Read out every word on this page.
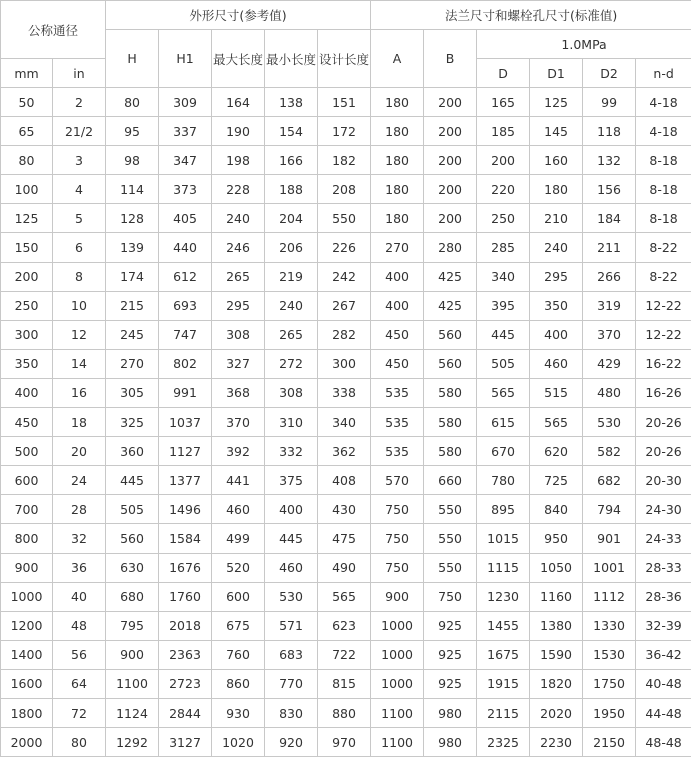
公称通径		外形尺寸(参考值)					法兰尺寸和螺栓孔尺寸(标准值)					
		H	H1	最大长度	最小长度	设计长度	A	B	1.0MPa			
mm	in								D	D1	D2	n-d
50	2	80	309	164	138	151	180	200	165	125	99	4-18
65	21/2	95	337	190	154	172	180	200	185	145	118	4-18
80	3	98	347	198	166	182	180	200	200	160	132	8-18
100	4	114	373	228	188	208	180	200	220	180	156	8-18
125	5	128	405	240	204	550	180	200	250	210	184	8-18
150	6	139	440	246	206	226	270	280	285	240	211	8-22
200	8	174	612	265	219	242	400	425	340	295	266	8-22
250	10	215	693	295	240	267	400	425	395	350	319	12-22
300	12	245	747	308	265	282	450	560	445	400	370	12-22
350	14	270	802	327	272	300	450	560	505	460	429	16-22
400	16	305	991	368	308	338	535	580	565	515	480	16-26
450	18	325	1037	370	310	340	535	580	615	565	530	20-26
500	20	360	1127	392	332	362	535	580	670	620	582	20-26
600	24	445	1377	441	375	408	570	660	780	725	682	20-30
700	28	505	1496	460	400	430	750	550	895	840	794	24-30
800	32	560	1584	499	445	475	750	550	1015	950	901	24-33
900	36	630	1676	520	460	490	750	550	1115	1050	1001	28-33
1000	40	680	1760	600	530	565	900	750	1230	1160	1112	28-36
1200	48	795	2018	675	571	623	1000	925	1455	1380	1330	32-39
1400	56	900	2363	760	683	722	1000	925	1675	1590	1530	36-42
1600	64	1100	2723	860	770	815	1000	925	1915	1820	1750	40-48
1800	72	1124	2844	930	830	880	1100	980	2115	2020	1950	44-48
2000	80	1292	3127	1020	920	970	1100	980	2325	2230	2150	48-48
